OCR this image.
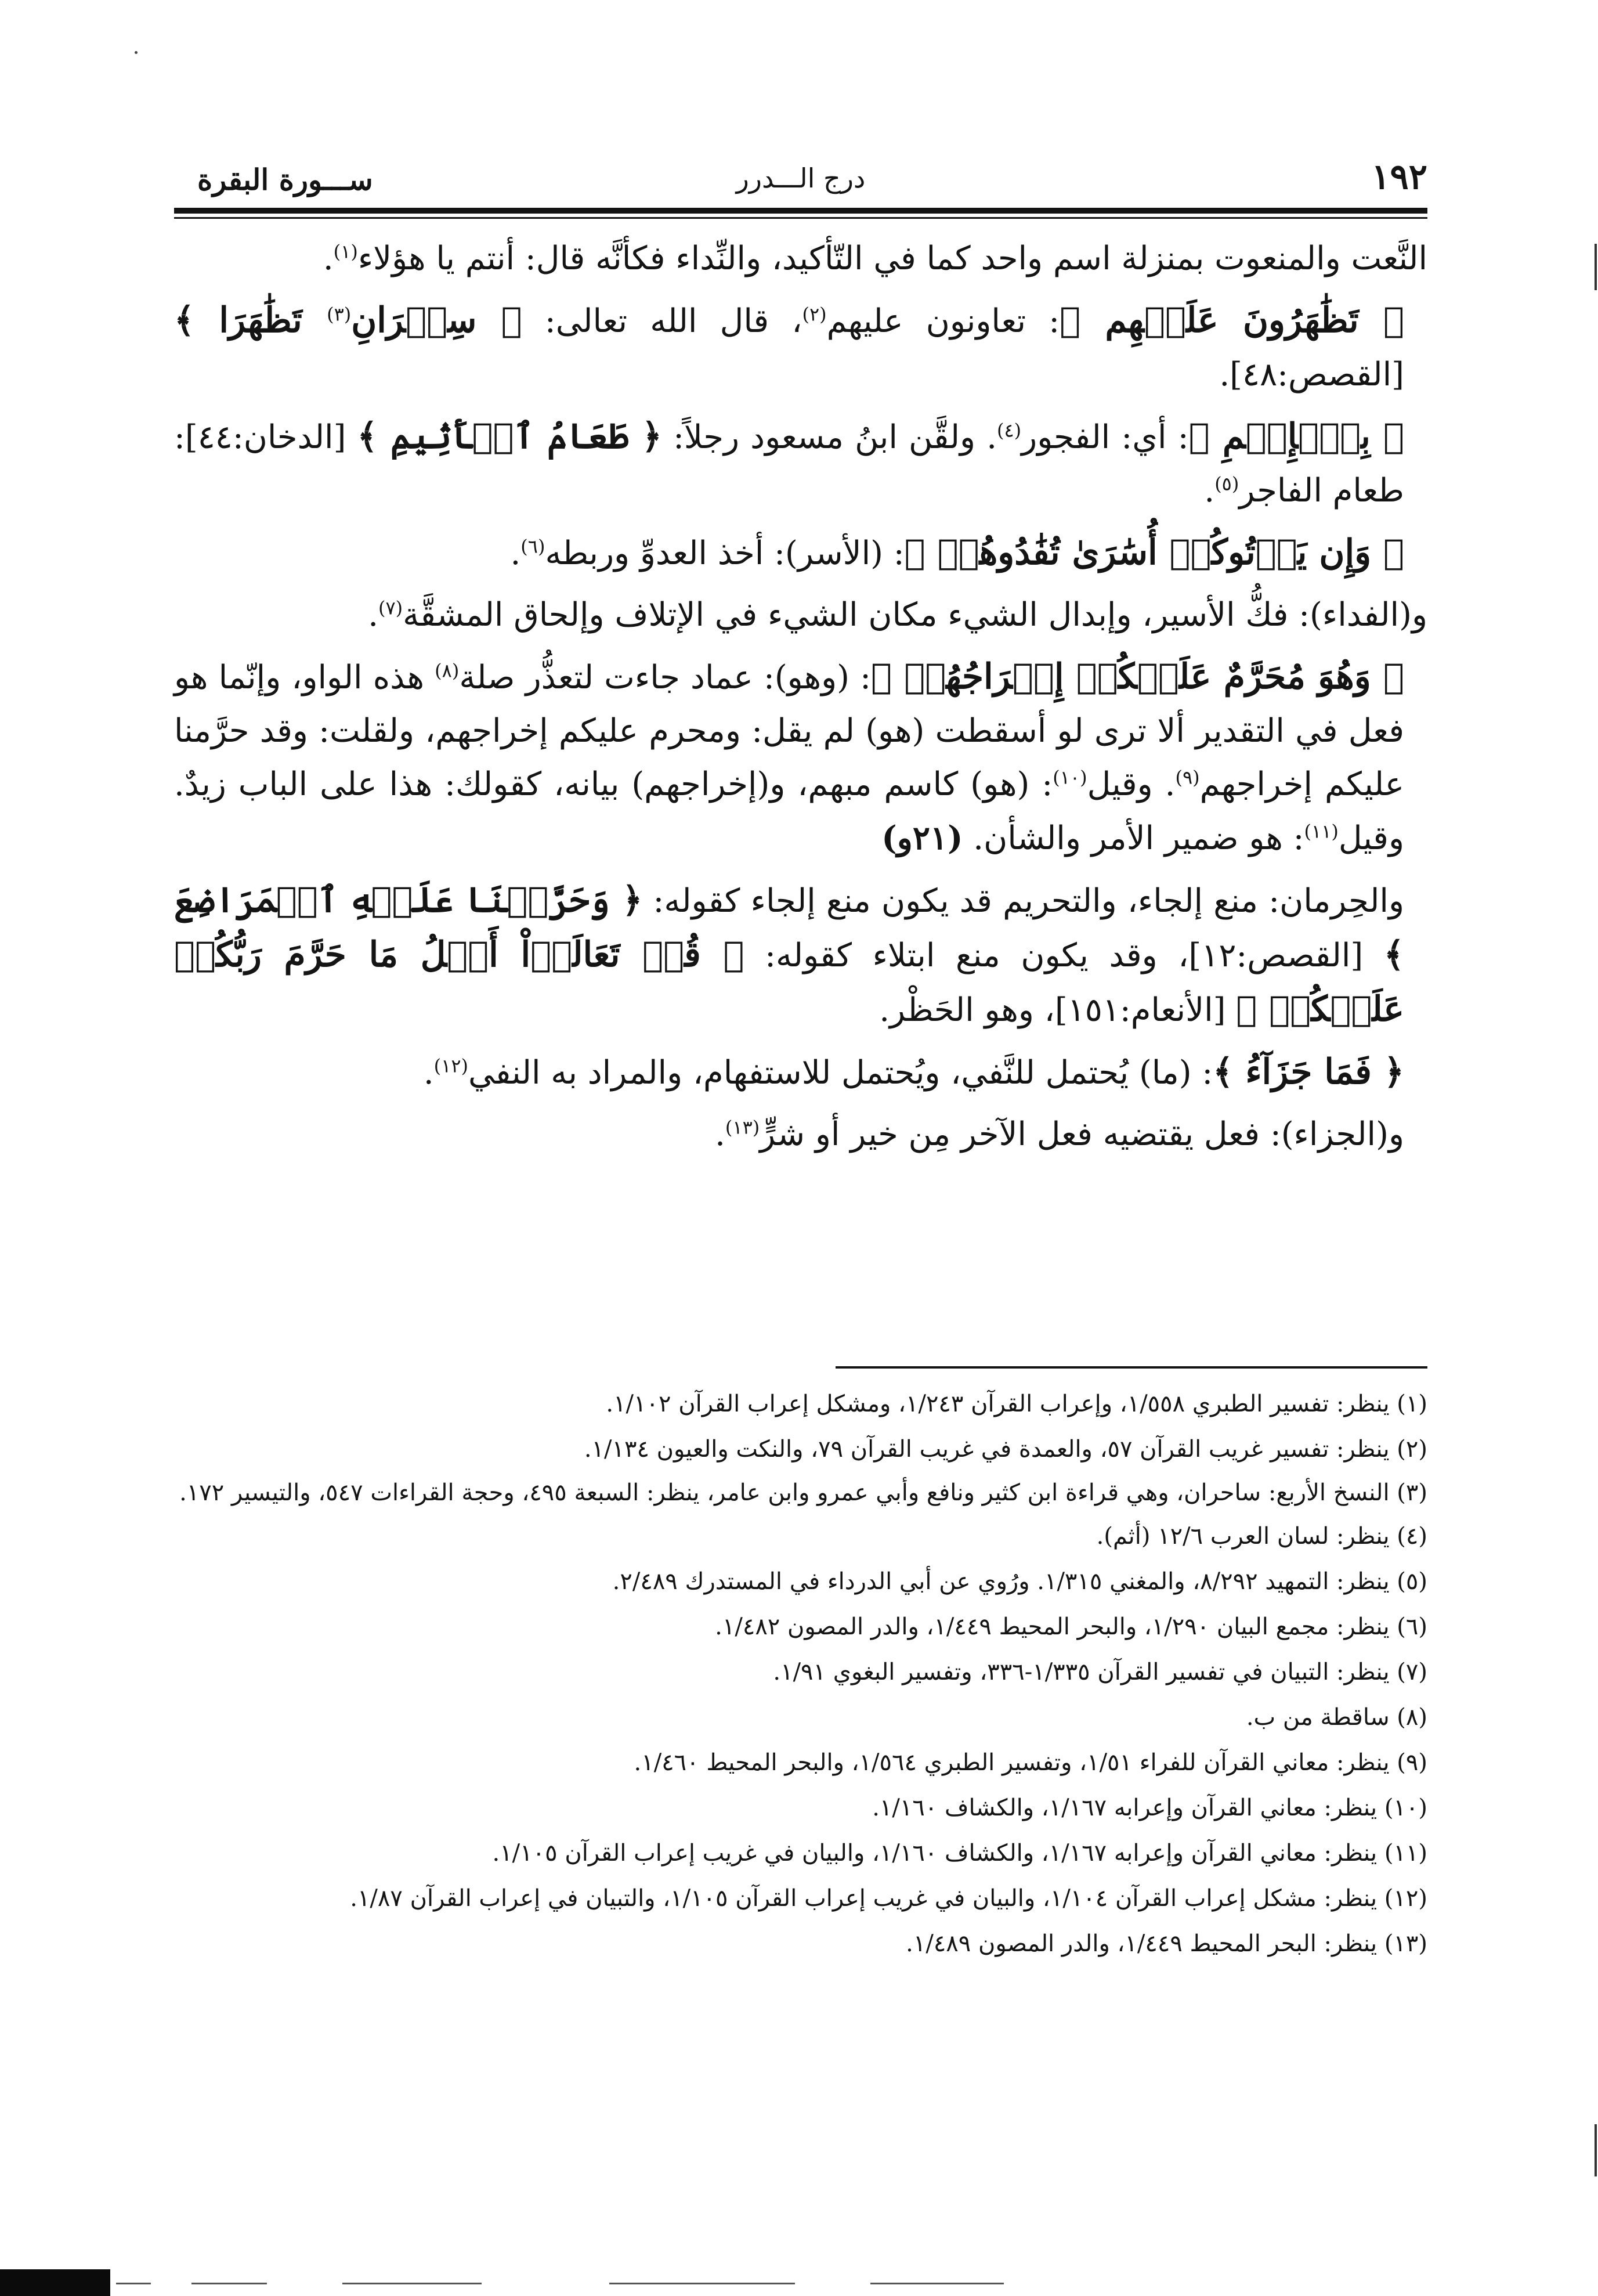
١٩٢
درج الـــدرر
ســـورة البقرة

النَّعت والمنعوت بمنزلة اسم واحد كما في التّأكيد، والنِّداء فكأنَّه قال: أنتم يا هؤلاء$^{(١)}$.

﴿ تَظَٰهَرُونَ عَلَيۡهِم ﴾: تعاونون عليهم$^{(٢)}$، قال الله تعالى: ﴿ سِحۡرَانِ$^{(٣)}$ تَظَٰهَرَا ﴾ [القصص:٤٨].

﴿ بِٱلۡإِثۡمِ ﴾: أي: الفجور$^{(٤)}$. ولقَّن ابنُ مسعود رجلاً: ﴿ طَعَامُ ٱلۡأَثِيمِ ﴾ [الدخان:٤٤]: طعام الفاجر$^{(٥)}$.

﴿ وَإِن يَأۡتُوكُمۡ أُسَٰرَىٰ تُفَٰدُوهُمۡ ﴾: (الأسر): أخذ العدوِّ وربطه$^{(٦)}$.

و(الفداء): فكُّ الأسير، وإبدال الشيء مكان الشيء في الإتلاف وإلحاق المشقَّة$^{(٧)}$.

﴿ وَهُوَ مُحَرَّمٌ عَلَيۡكُمۡ إِخۡرَاجُهُمۡ ﴾: (وهو): عماد جاءت لتعذُّر صلة$^{(٨)}$ هذه الواو، وإنّما هو فعل في التقدير ألا ترى لو أسقطت (هو) لم يقل: ومحرم عليكم إخراجهم، ولقلت: وقد حرَّمنا عليكم إخراجهم$^{(٩)}$. وقيل$^{(١٠)}$: (هو) كاسم مبهم، و(إخراجهم) بيانه، كقولك: هذا على الباب زيدٌ. وقيل$^{(١١)}$: هو ضمير الأمر والشأن. (٢١و)

والحِرمان: منع إلجاء، والتحريم قد يكون منع إلجاء كقوله: ﴿ وَحَرَّمۡنَا عَلَيۡهِ ٱلۡمَرَاضِعَ ﴾ [القصص:١٢]، وقد يكون منع ابتلاء كقوله: ﴿ قُلۡ تَعَالَوۡاْ أَتۡلُ مَا حَرَّمَ رَبُّكُمۡ عَلَيۡكُمۡ ﴾ [الأنعام:١٥١]، وهو الحَظْر.

﴿ فَمَا جَزَآءُ ﴾: (ما) يُحتمل للنَّفي، ويُحتمل للاستفهام، والمراد به النفي$^{(١٢)}$.

و(الجزاء): فعل يقتضيه فعل الآخر مِن خير أو شرٍّ$^{(١٣)}$.

(١) ينظر: تفسير الطبري ١/٥٥٨، وإعراب القرآن ١/٢٤٣، ومشكل إعراب القرآن ١/١٠٢.

(٢) ينظر: تفسير غريب القرآن ٥٧، والعمدة في غريب القرآن ٧٩، والنكت والعيون ١/١٣٤.

(٣) النسخ الأربع: ساحران، وهي قراءة ابن كثير ونافع وأبي عمرو وابن عامر، ينظر: السبعة ٤٩٥، وحجة القراءات ٥٤٧، والتيسير ١٧٢.

(٤) ينظر: لسان العرب ١٢/٦ (أثم).

(٥) ينظر: التمهيد ٨/٢٩٢، والمغني ١/٣١٥. ورُوي عن أبي الدرداء في المستدرك ٢/٤٨٩.

(٦) ينظر: مجمع البيان ١/٢٩٠، والبحر المحيط ١/٤٤٩، والدر المصون ١/٤٨٢.

(٧) ينظر: التبيان في تفسير القرآن ١/٣٣٥-٣٣٦، وتفسير البغوي ١/٩١.

(٨) ساقطة من ب.

(٩) ينظر: معاني القرآن للفراء ١/٥١، وتفسير الطبري ١/٥٦٤، والبحر المحيط ١/٤٦٠.

(١٠) ينظر: معاني القرآن وإعرابه ١/١٦٧، والكشاف ١/١٦٠.

(١١) ينظر: معاني القرآن وإعرابه ١/١٦٧، والكشاف ١/١٦٠، والبيان في غريب إعراب القرآن ١/١٠٥.

(١٢) ينظر: مشكل إعراب القرآن ١/١٠٤، والبيان في غريب إعراب القرآن ١/١٠٥، والتبيان في إعراب القرآن ١/٨٧.

(١٣) ينظر: البحر المحيط ١/٤٤٩، والدر المصون ١/٤٨٩.
